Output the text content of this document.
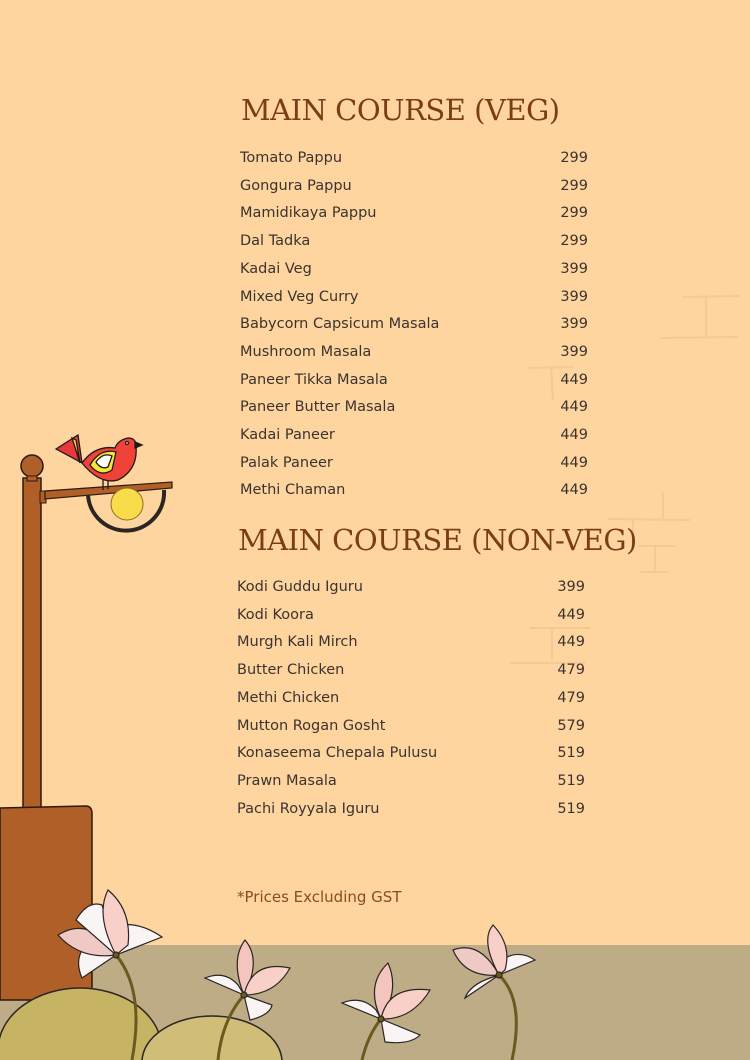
MAIN COURSE (VEG)
Tomato Pappu	299
Gongura Pappu	299
Mamidikaya Pappu	299
Dal Tadka	299
Kadai Veg	399
Mixed Veg Curry	399
Babycorn Capsicum Masala	399
Mushroom Masala	399
Paneer Tikka Masala	449
Paneer Butter Masala	449
Kadai Paneer	449
Palak Paneer	449
Methi Chaman	449
MAIN COURSE (NON-VEG)
Kodi Guddu Iguru	399
Kodi Koora	449
Murgh Kali Mirch	449
Butter Chicken	479
Methi Chicken	479
Mutton Rogan Gosht	579
Konaseema Chepala Pulusu	519
Prawn Masala	519
Pachi Royyala Iguru	519
*Prices Excluding GST
